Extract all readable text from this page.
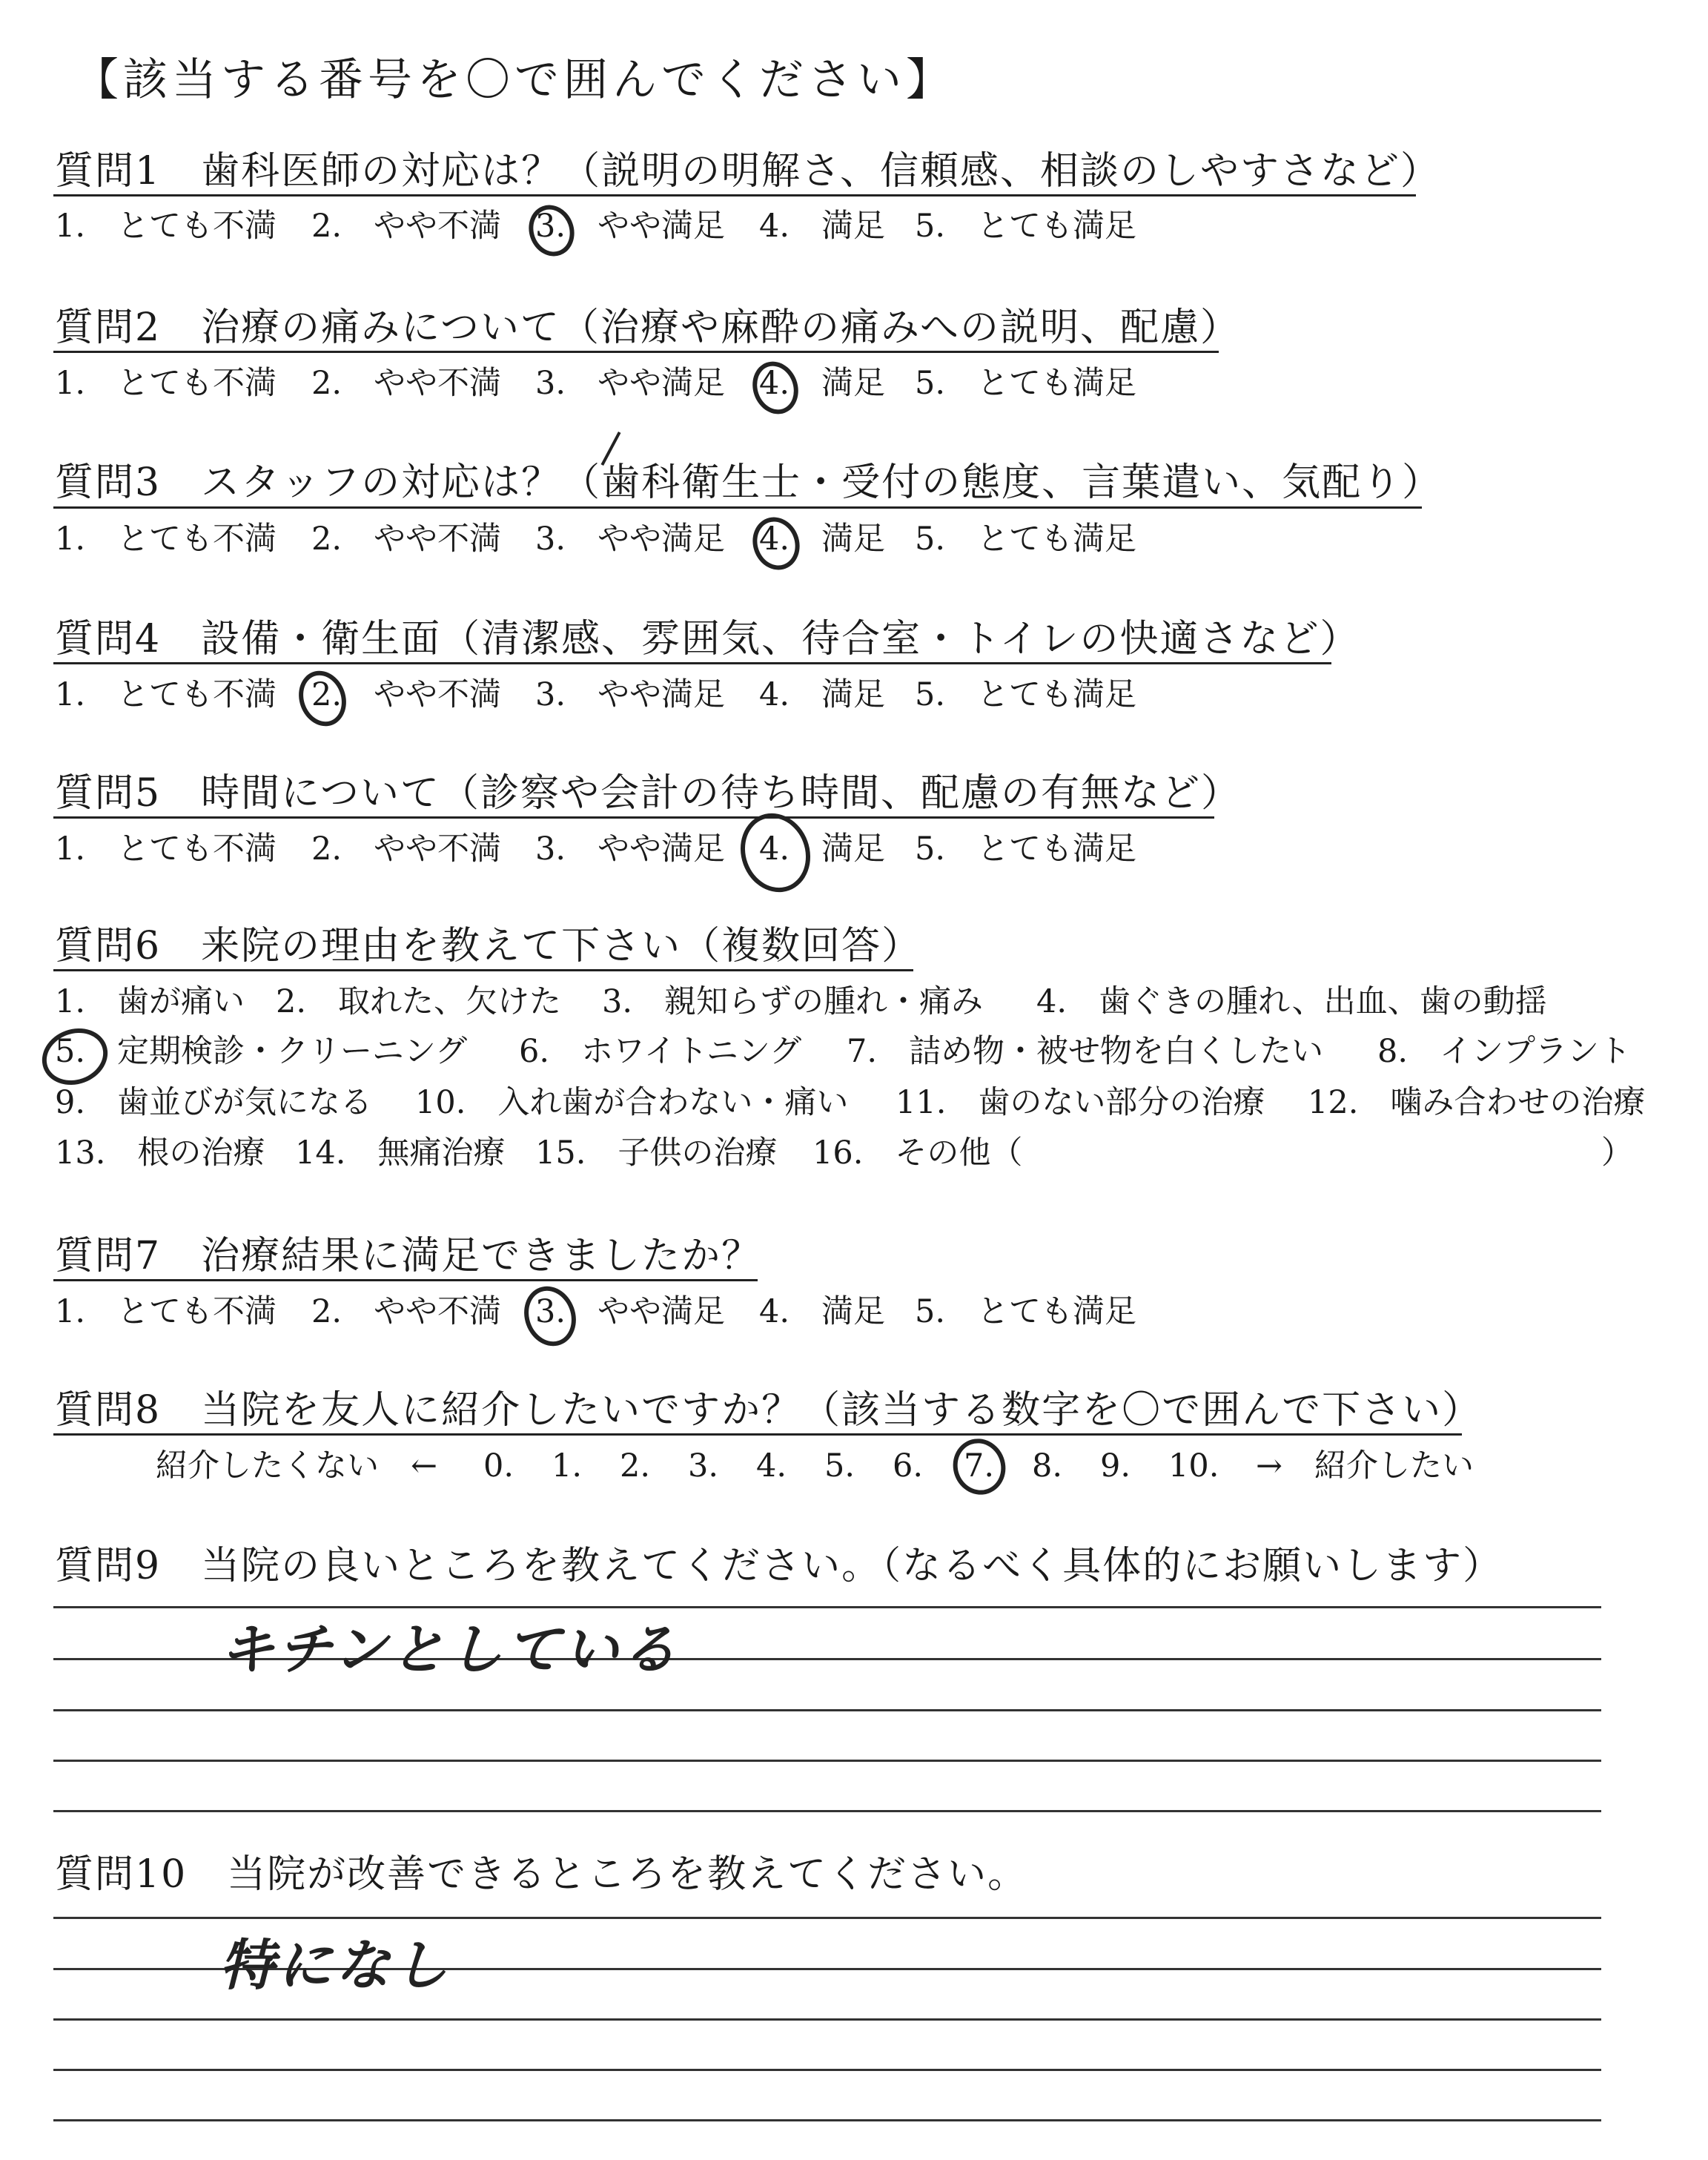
【該当する番号を〇で囲んでください】
質問1　歯科医師の対応は？（説明の明解さ、信頼感、相談のしやすさなど）
1.　とても不満 2.　やや不満 3.　やや満足 4.　満足 5.　とても満足
質問2　治療の痛みについて（治療や麻酔の痛みへの説明、配慮）
1.　とても不満 2.　やや不満 3.　やや満足 4.　満足 5.　とても満足
質問3　スタッフの対応は？（歯科衛生士・受付の態度、言葉遣い、気配り）
1.　とても不満 2.　やや不満 3.　やや満足 4.　満足 5.　とても満足
質問4　設備・衛生面（清潔感、雰囲気、待合室・トイレの快適さなど）
1.　とても不満 2.　やや不満 3.　やや満足 4.　満足 5.　とても満足
質問5　時間について（診察や会計の待ち時間、配慮の有無など）
1.　とても不満 2.　やや不満 3.　やや満足 4.　満足 5.　とても満足
質問6　来院の理由を教えて下さい（複数回答）
1.　歯が痛い 2.　取れた、欠けた 3.　親知らずの腫れ・痛み 4.　歯ぐきの腫れ、出血、歯の動揺
5.　定期検診・クリーニング 6.　ホワイトニング 7.　詰め物・被せ物を白くしたい 8.　インプラント
9.　歯並びが気になる 10.　入れ歯が合わない・痛い 11.　歯のない部分の治療 12.　噛み合わせの治療
13.　根の治療 14.　無痛治療 15.　子供の治療 16.　その他（	）
質問7　治療結果に満足できましたか？
1.　とても不満 2.　やや不満 3.　やや満足 4.　満足 5.　とても満足
質問8　当院を友人に紹介したいですか？（該当する数字を〇で囲んで下さい）
紹介したくない　← 0. 1. 2. 3. 4. 5. 6. 7. 8. 9. 10. →　紹介したい
質問9　当院の良いところを教えてください。（なるべく具体的にお願いします）
キチンとしている
質問10　当院が改善できるところを教えてください。
特になし
